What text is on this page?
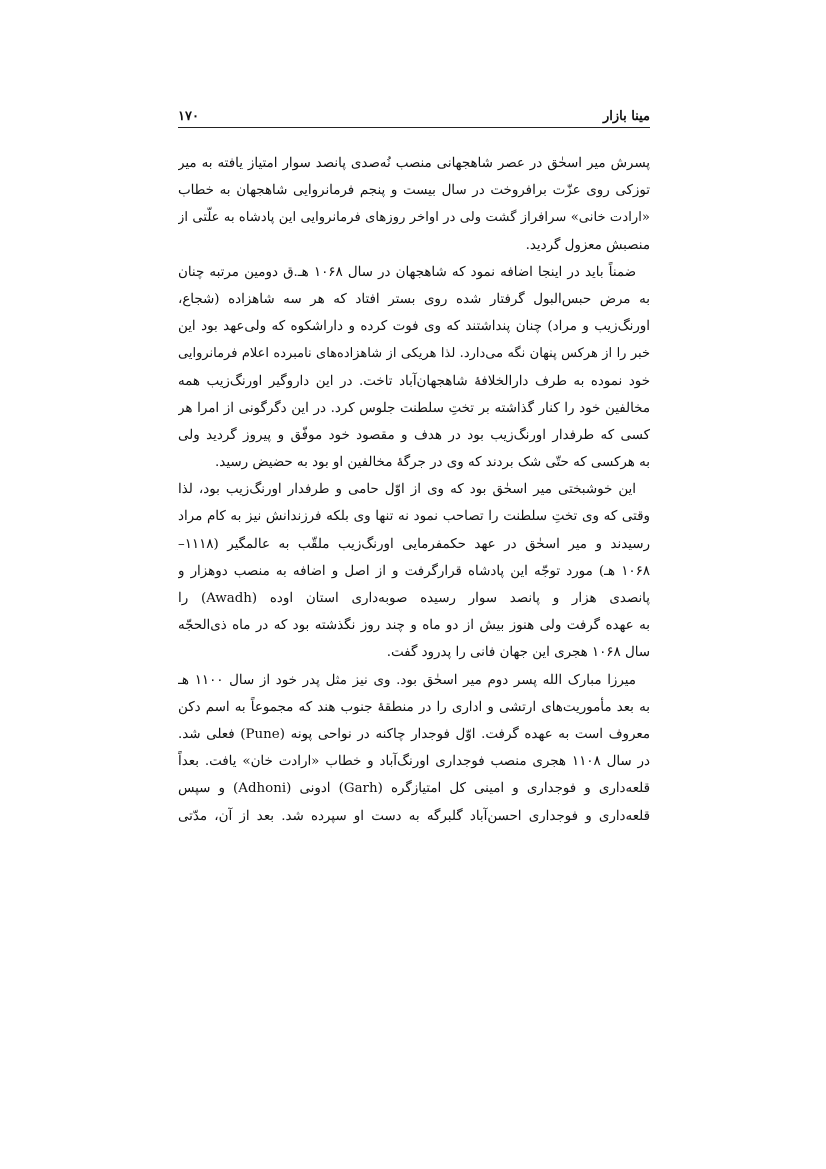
مینا بازار
۱۷۰
پسرش میر اسحٰق در عصر شاهجهانی منصب نُه‌صدی پانصد سوار امتیاز یافته به میر
توزکی روی عزّت برافروخت در سال بیست و پنجم فرمانروایی شاهجهان به خطاب
«ارادت خانی» سرافراز گشت ولی در اواخر روزهای فرمانروایی این پادشاه به علّتی از
منصبش معزول گردید.
ضمناً باید در اینجا اضافه نمود که شاهجهان در سال ۱۰۶۸ هـ.ق دومین مرتبه چنان
به مرض حبس‌البول گرفتار شده روی بستر افتاد که هر سه شاهزاده (شجاع،
اورنگ‌زیب و مراد) چنان پنداشتند که وی فوت کرده و داراشکوه که ولی‌عهد بود این
خبر را از هرکس پنهان نگه می‌دارد. لذا هریکی از شاهزاده‌های نامبرده اعلام فرمانروایی
خود نموده به طرف دارالخلافهٔ شاهجهان‌آباد تاخت. در این داروگیر اورنگ‌زیب همه
مخالفین خود را کنار گذاشته بر تختِ سلطنت جلوس کرد. در این دگرگونی از امرا هر
کسی که طرفدار اورنگ‌زیب بود در هدف و مقصود خود موفّق و پیروز گردید ولی
به هرکسی که حتّی شک بردند که وی در جرگهٔ مخالفین او بود به حضیض رسید.
این خوشبختی میر اسحٰق بود که وی از اوّل حامی و طرفدار اورنگ‌زیب بود، لذا
وقتی که وی تختِ سلطنت را تصاحب نمود نه تنها وی بلکه فرزندانش نیز به کام مراد
رسیدند و میر اسحٰق در عهد حکمفرمایی اورنگ‌زیب ملقّب به عالمگیر (۱۱۱۸–
۱۰۶۸ هـ) مورد توجّه این پادشاه قرارگرفت و از اصل و اضافه به منصب دوهزار و
پانصدی هزار و پانصد سوار رسیده صوبه‌داری استان اوده (Awadh) را
به عهده گرفت ولی هنوز بیش از دو ماه و چند روز نگذشته بود که در ماه ذی‌الحجّه
سال ۱۰۶۸ هجری این جهان فانی را پدرود گفت.
میرزا مبارک الله پسر دوم میر اسحٰق بود. وی نیز مثل پدر خود از سال ۱۱۰۰ هـ
به بعد مأموریت‌های ارتشی و اداری را در منطقهٔ جنوب هند که مجموعاً به اسم دکن
معروف است به عهده گرفت. اوّل فوجدار چاکنه در نواحی پونه (Pune) فعلی شد.
در سال ۱۱۰۸ هجری منصب فوجداری اورنگ‌آباد و خطاب «ارادت خان» یافت. بعداً
قلعه‌داری و فوجداری و امینی کل امتیازگره (Garh) ادونی (Adhoni) و سپس
قلعه‌داری و فوجداری احسن‌آباد گلبرگه به دست او سپرده شد. بعد از آن، مدّتی
